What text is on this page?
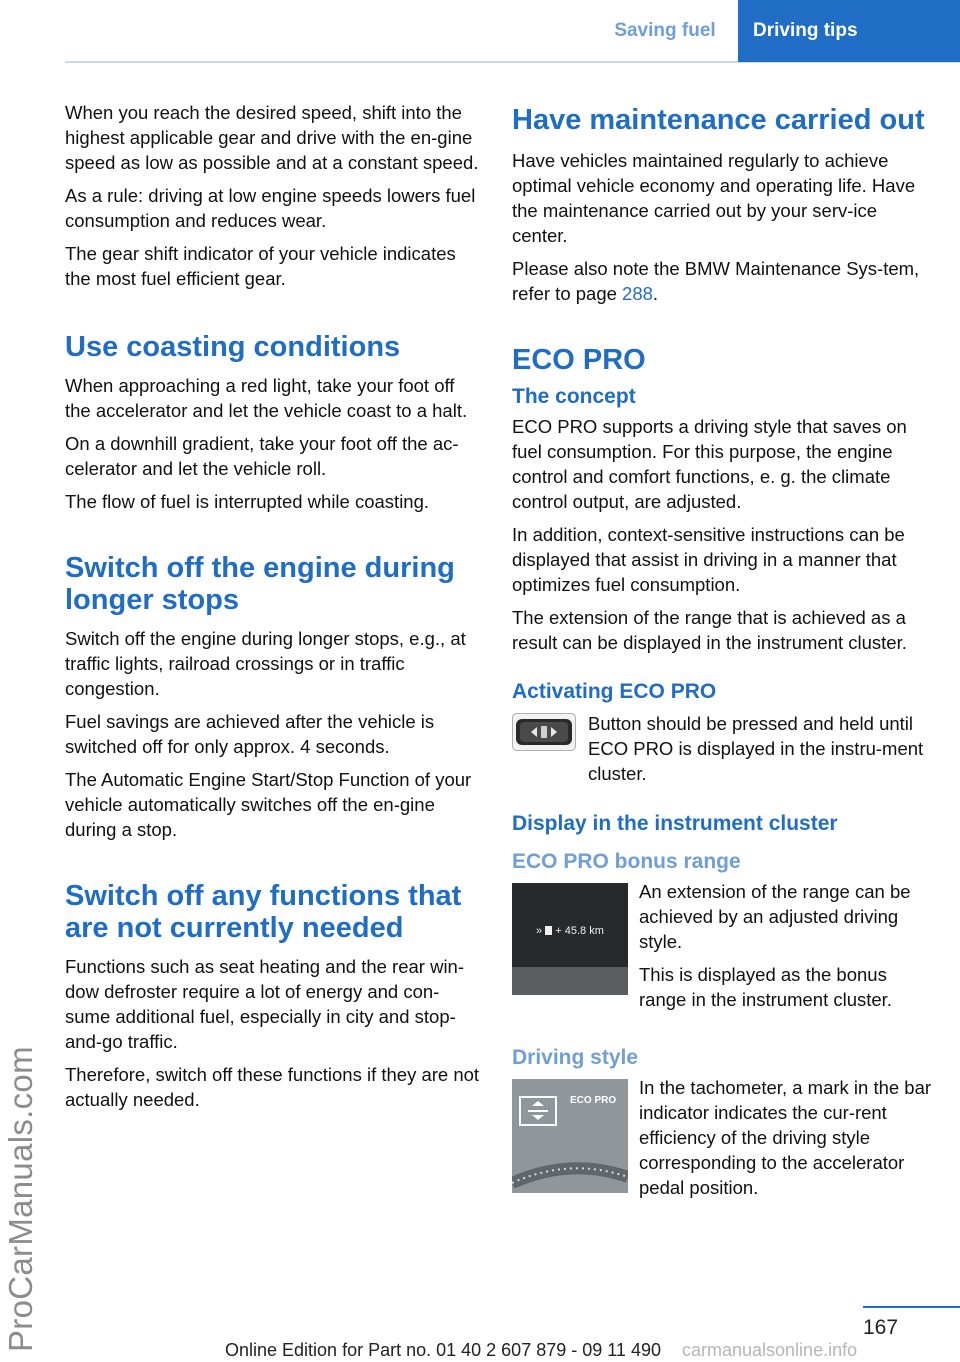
Saving fuel	Driving tips
ProCarManuals.com

When you reach the desired speed, shift into the highest applicable gear and drive with the en-gine speed as low as possible and at a constant speed.

As a rule: driving at low engine speeds lowers fuel consumption and reduces wear.

The gear shift indicator of your vehicle indicates the most fuel efficient gear.

Use coasting conditions

When approaching a red light, take your foot off the accelerator and let the vehicle coast to a halt.

On a downhill gradient, take your foot off the ac-celerator and let the vehicle roll.

The flow of fuel is interrupted while coasting.

Switch off the engine during longer stops

Switch off the engine during longer stops, e.g., at traffic lights, railroad crossings or in traffic congestion.

Fuel savings are achieved after the vehicle is switched off for only approx. 4 seconds.

The Automatic Engine Start/Stop Function of your vehicle automatically switches off the en-gine during a stop.

Switch off any functions that are not currently needed

Functions such as seat heating and the rear win-dow defroster require a lot of energy and con-sume additional fuel, especially in city and stop-and-go traffic.

Therefore, switch off these functions if they are not actually needed.

Have maintenance carried out

Have vehicles maintained regularly to achieve optimal vehicle economy and operating life. Have the maintenance carried out by your serv-ice center.

Please also note the BMW Maintenance Sys-tem, refer to page 288.

ECO PRO
The concept

ECO PRO supports a driving style that saves on fuel consumption. For this purpose, the engine control and comfort functions, e. g. the climate control output, are adjusted.

In addition, context-sensitive instructions can be displayed that assist in driving in a manner that optimizes fuel consumption.

The extension of the range that is achieved as a result can be displayed in the instrument cluster.

Activating ECO PRO

Button should be pressed and held until ECO PRO is displayed in the instru-ment cluster.

Display in the instrument cluster
ECO PRO bonus range
» + 45.8 km

An extension of the range can be achieved by an adjusted driving style.

This is displayed as the bonus range in the instrument cluster.

Driving style
ECO PRO

In the tachometer, a mark in the bar indicator indicates the cur-rent efficiency of the driving style corresponding to the accelerator pedal position.

167
Online Edition for Part no. 01 40 2 607 879 - 09 11 490 carmanualsonline.info
